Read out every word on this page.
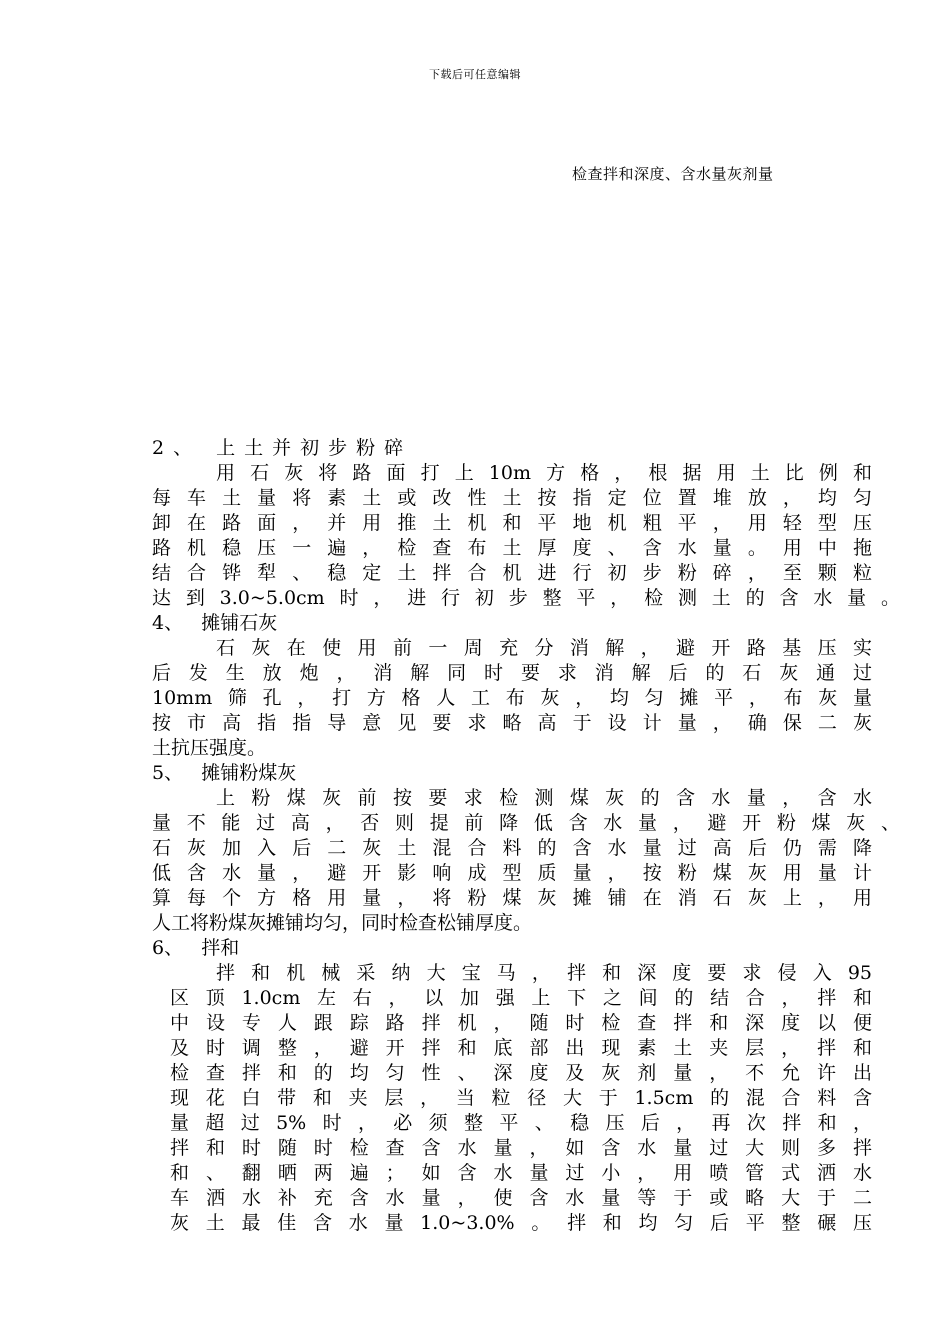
下载后可任意编辑
检查拌和深度、含水量灰剂量
2、 上土并初步粉碎
用石灰将路面打上10m方格，根据用土比例和
每车土量将素土或改性土按指定位置堆放，均匀
卸在路面，并用推土机和平地机粗平，用轻型压
路机稳压一遍，检查布土厚度、含水量。用中拖
结合铧犁、稳定土拌合机进行初步粉碎，至颗粒
达到3.0~5.0cm时，进行初步整平，检测土的含水量。
4、   摊铺石灰
石灰在使用前一周充分消解，避开路基压实
后发生放炮，消解同时要求消解后的石灰通过
10mm筛孔，打方格人工布灰，均匀摊平，布灰量
按市高指指导意见要求略高于设计量，确保二灰
土抗压强度。
5、   摊铺粉煤灰
上粉煤灰前按要求检测煤灰的含水量，含水
量不能过高，否则提前降低含水量，避开粉煤灰、
石灰加入后二灰土混合料的含水量过高后仍需降
低含水量，避开影响成型质量，按粉煤灰用量计
算每个方格用量，将粉煤灰摊铺在消石灰上，用
人工将粉煤灰摊铺均匀，同时检查松铺厚度。
6、   拌和
拌和机械采纳大宝马，拌和深度要求侵入95
区顶1.0cm左右，以加强上下之间的结合，拌和
中设专人跟踪路拌机，随时检查拌和深度以便
及时调整，避开拌和底部出现素土夹层，拌和
检查拌和的均匀性、深度及灰剂量，不允许出
现花白带和夹层，当粒径大于1.5cm的混合料含
量超过5%时，必须整平、稳压后，再次拌和，
拌和时随时检查含水量，如含水量过大则多拌
和、翻晒两遍；如含水量过小，用喷管式洒水
车洒水补充含水量，使含水量等于或略大于二
灰土最佳含水量1.0~3.0%。拌和均匀后平整碾压
